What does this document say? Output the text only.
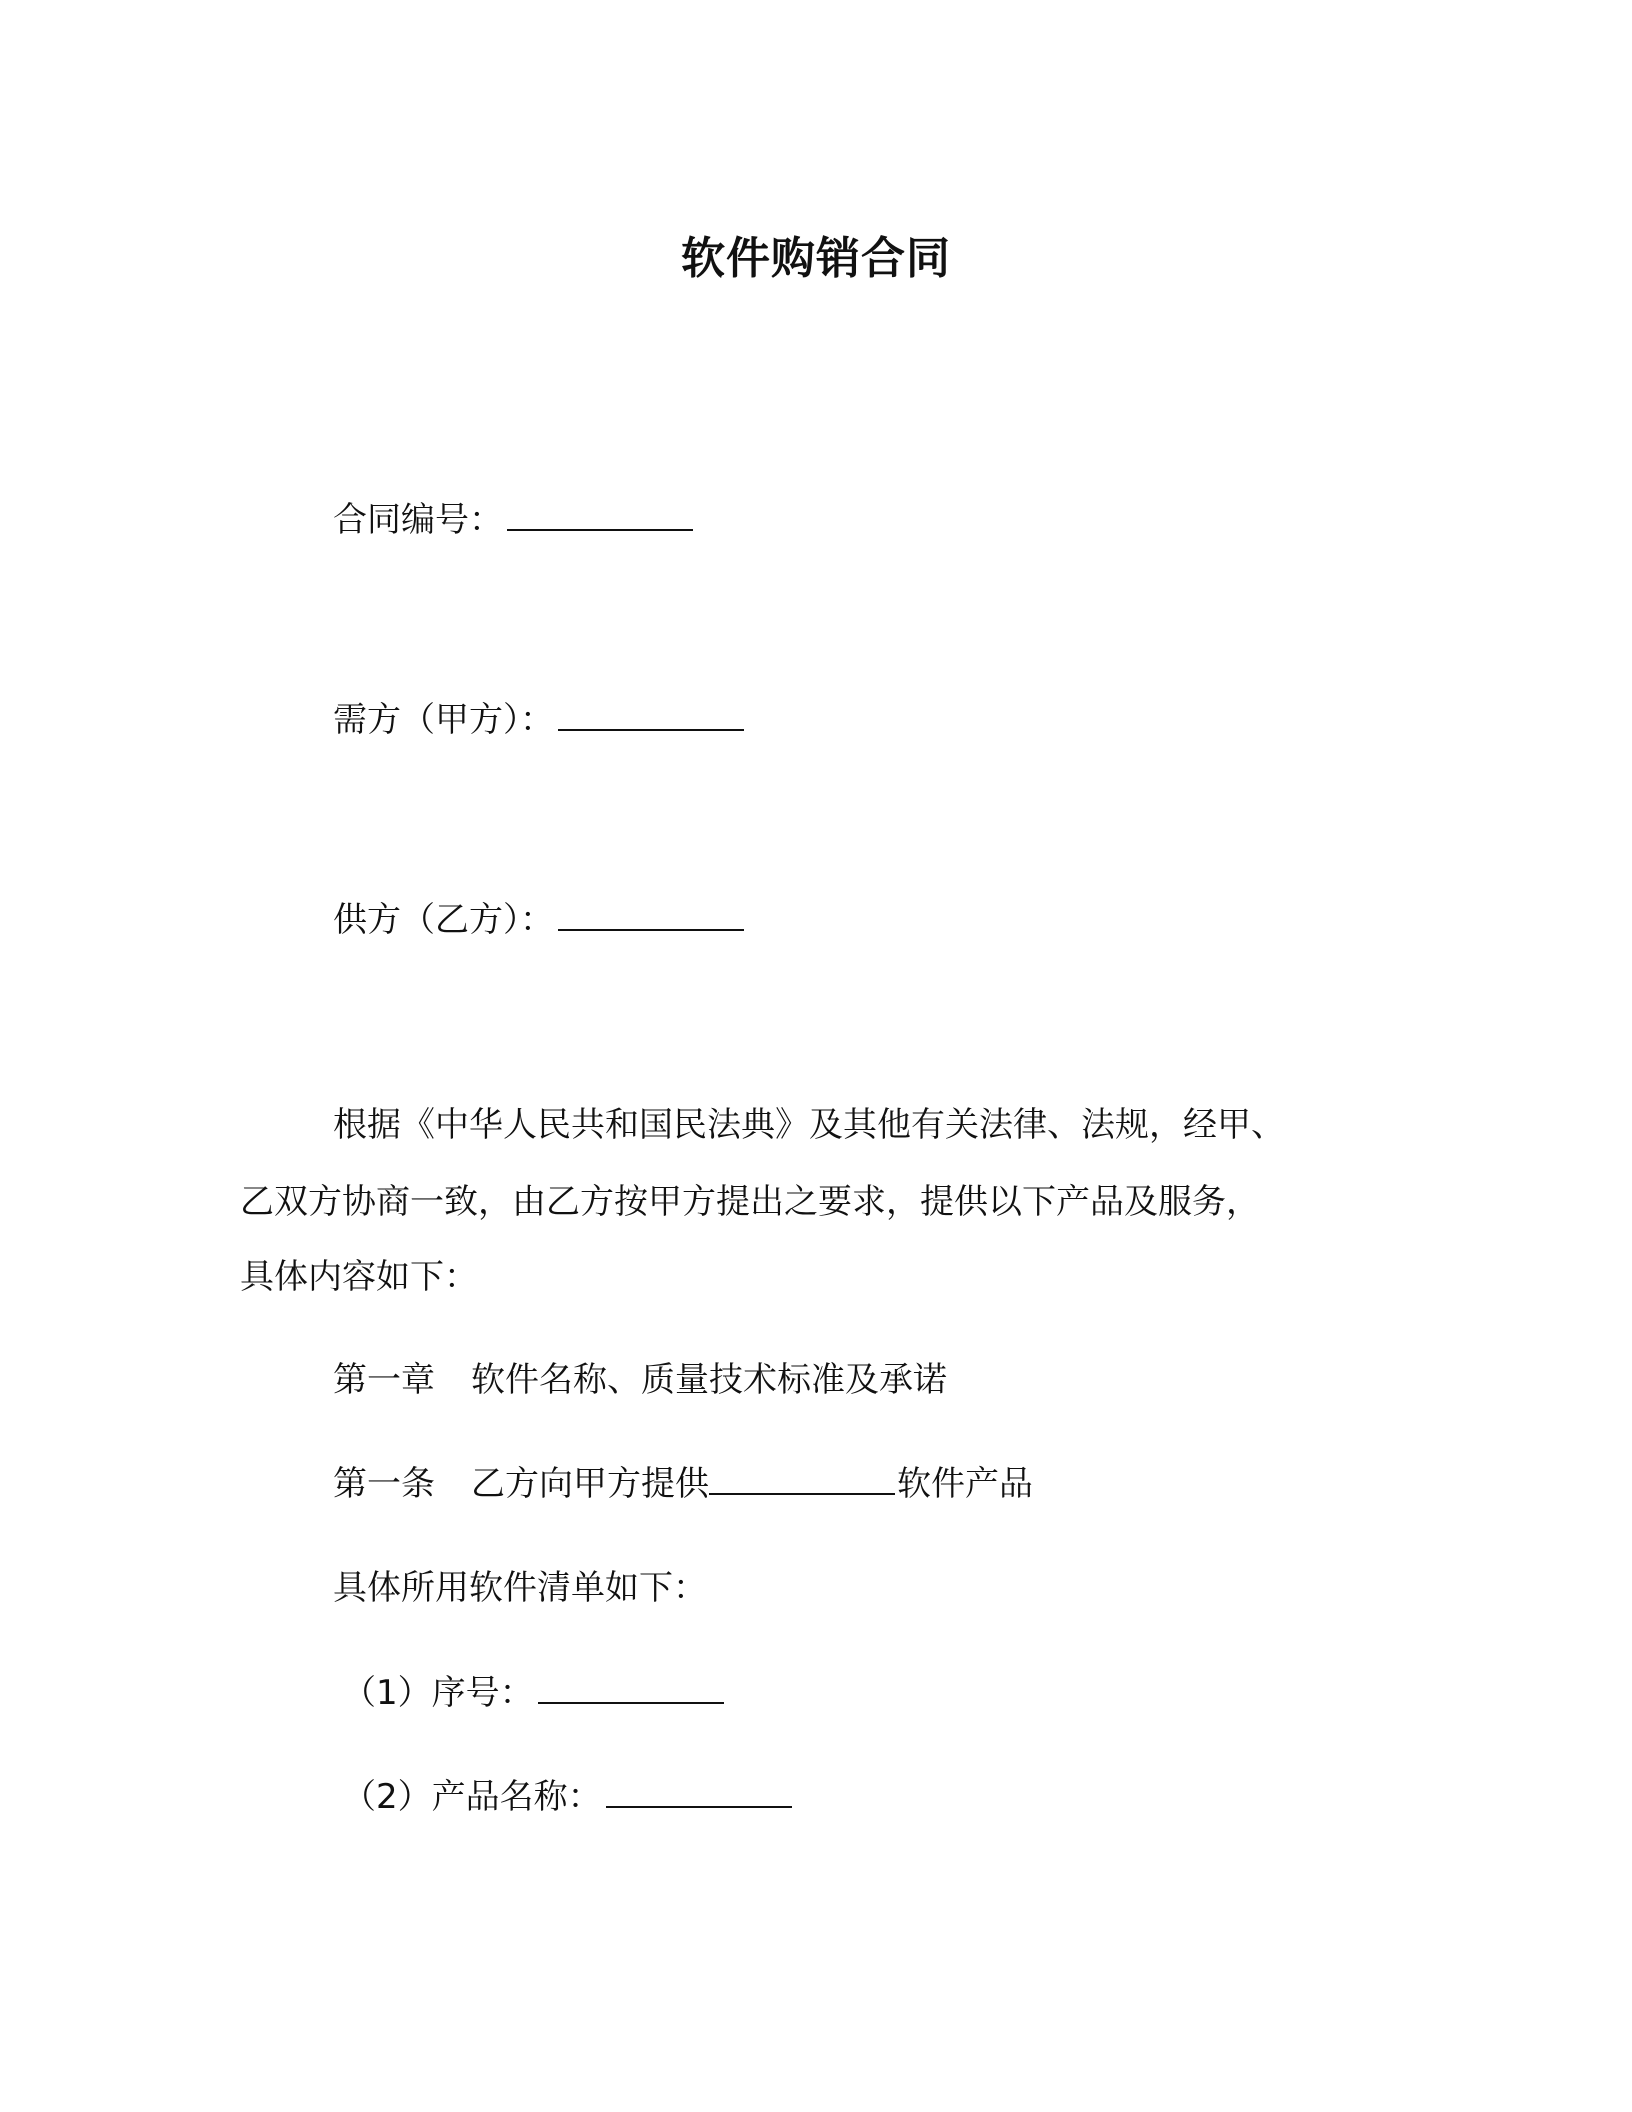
软件购销合同
合同编号：
需方（甲方）：
供方（乙方）：
根据《中华人民共和国民法典》及其他有关法律、法规，经甲、
乙双方协商一致，由乙方按甲方提出之要求，提供以下产品及服务，
具体内容如下：
第一章 软件名称、质量技术标准及承诺
第一条 乙方向甲方提供	软件产品
具体所用软件清单如下：
（1）序号：
（2）产品名称：
